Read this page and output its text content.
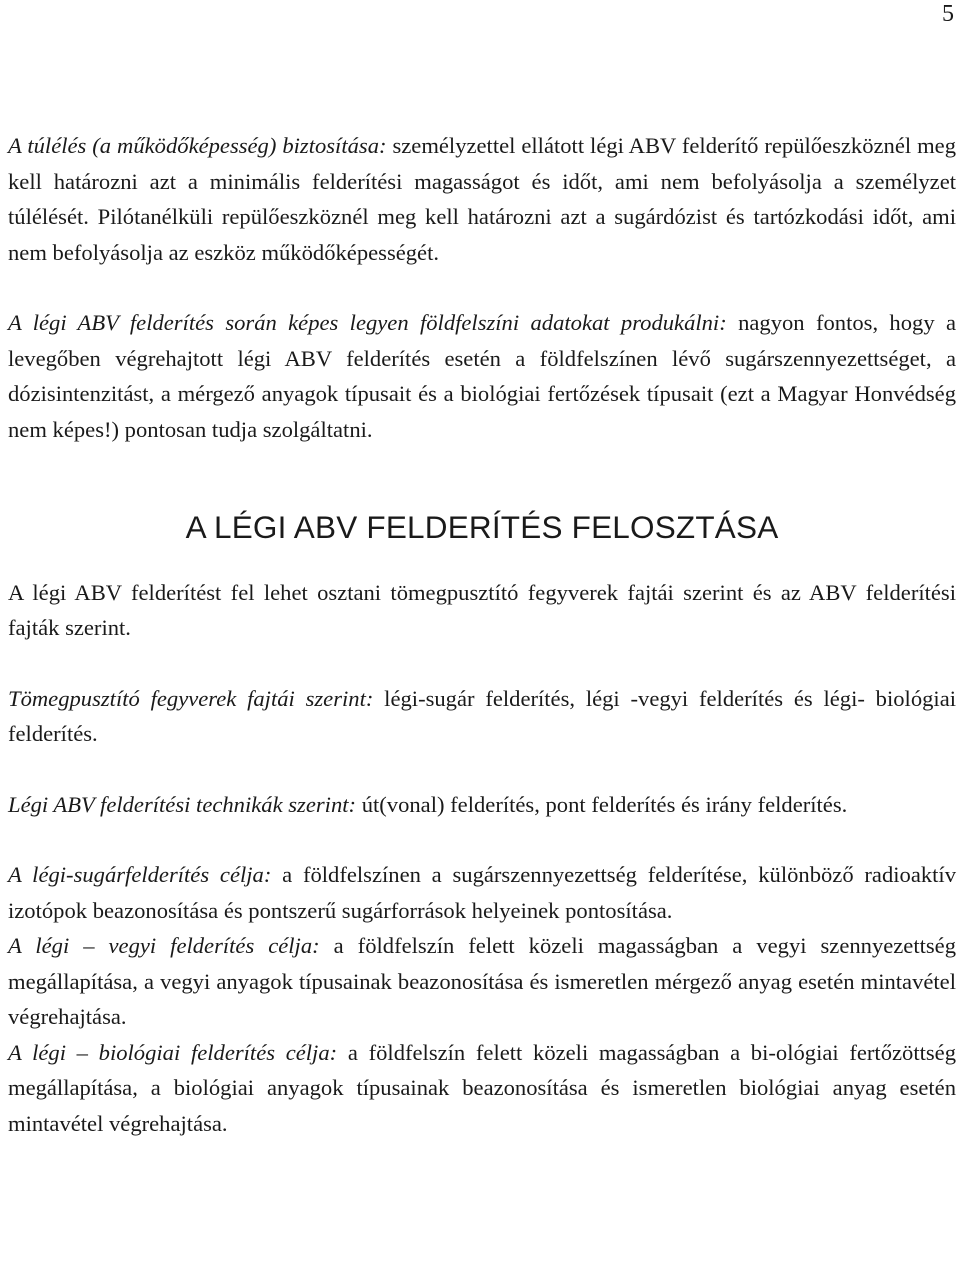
5

A túlélés (a működőképesség) biztosítása: személyzettel ellátott légi ABV felderítő repülőeszköznél meg kell határozni azt a minimális felderítési magasságot és időt, ami nem befolyásolja a személyzet túlélését. Pilótanélküli repülőeszköznél meg kell határozni azt a sugárdózist és tartózkodási időt, ami nem befolyásolja az eszköz működőképességét.

A légi ABV felderítés során képes legyen földfelszíni adatokat produkálni: nagyon fontos, hogy a levegőben végrehajtott légi ABV felderítés esetén a földfelszínen lévő sugárszennyezettséget, a dózisintenzitást, a mérgező anyagok típusait és a biológiai fertőzések típusait (ezt a Magyar Honvédség nem képes!) pontosan tudja szolgáltatni.

A LÉGI ABV FELDERÍTÉS FELOSZTÁSA

A légi ABV felderítést fel lehet osztani tömegpusztító fegyverek fajtái szerint és az ABV felderítési fajták szerint.

Tömegpusztító fegyverek fajtái szerint: légi-sugár felderítés, légi -vegyi felderítés és légi- biológiai felderítés.

Légi ABV felderítési technikák szerint: út(vonal) felderítés, pont felderítés és irány felderítés.

A légi-sugárfelderítés célja: a földfelszínen a sugárszennyezettség felderítése, különböző radioaktív izotópok beazonosítása és pontszerű sugárforrások helyeinek pontosítása.

A légi – vegyi felderítés célja: a földfelszín felett közeli magasságban a vegyi szennyezettség megállapítása, a vegyi anyagok típusainak beazonosítása és ismeretlen mérgező anyag esetén mintavétel végrehajtása.

A légi – biológiai felderítés célja: a földfelszín felett közeli magasságban a bi-ológiai fertőzöttség megállapítása, a biológiai anyagok típusainak beazonosítása és ismeretlen biológiai anyag esetén mintavétel végrehajtása.
